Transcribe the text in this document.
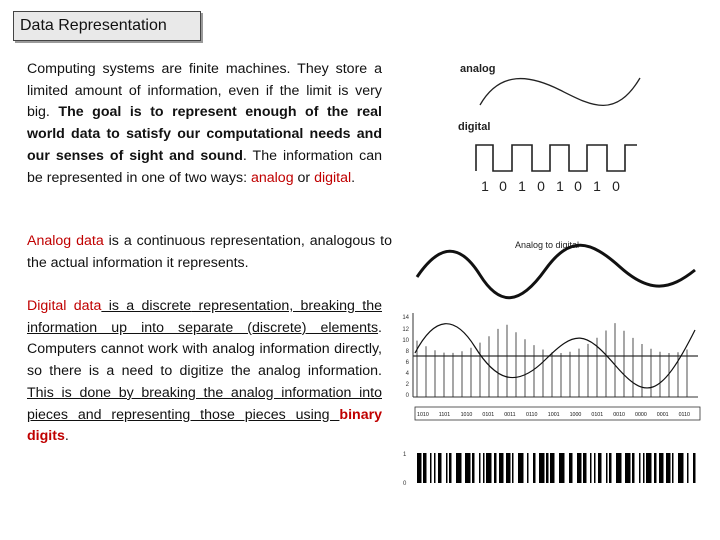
Data Representation

Computing systems are finite machines. They store a limited amount of information, even if the limit is very big. The goal is to represent enough of the real world data to satisfy our computational needs and our senses of sight and sound. The information can be represented in one of two ways: analog or digital.

Analog data is a continuous representation, analogous to the actual information it represents.

Digital data is a discrete representation, breaking the information up into separate (discrete) elements. Computers cannot work with analog information directly, so there is a need to digitize the analog information. This is done by breaking the analog information into pieces and representing those pieces using binary digits.

analog
digital
1 0 1 0 1 0 1 0
Analog to digital
14
12
10
8
6
4
2
0
1010 1101 1010 0101 0011 0110 1001 1000 0101 0010 0000 0001 0110
1
0
